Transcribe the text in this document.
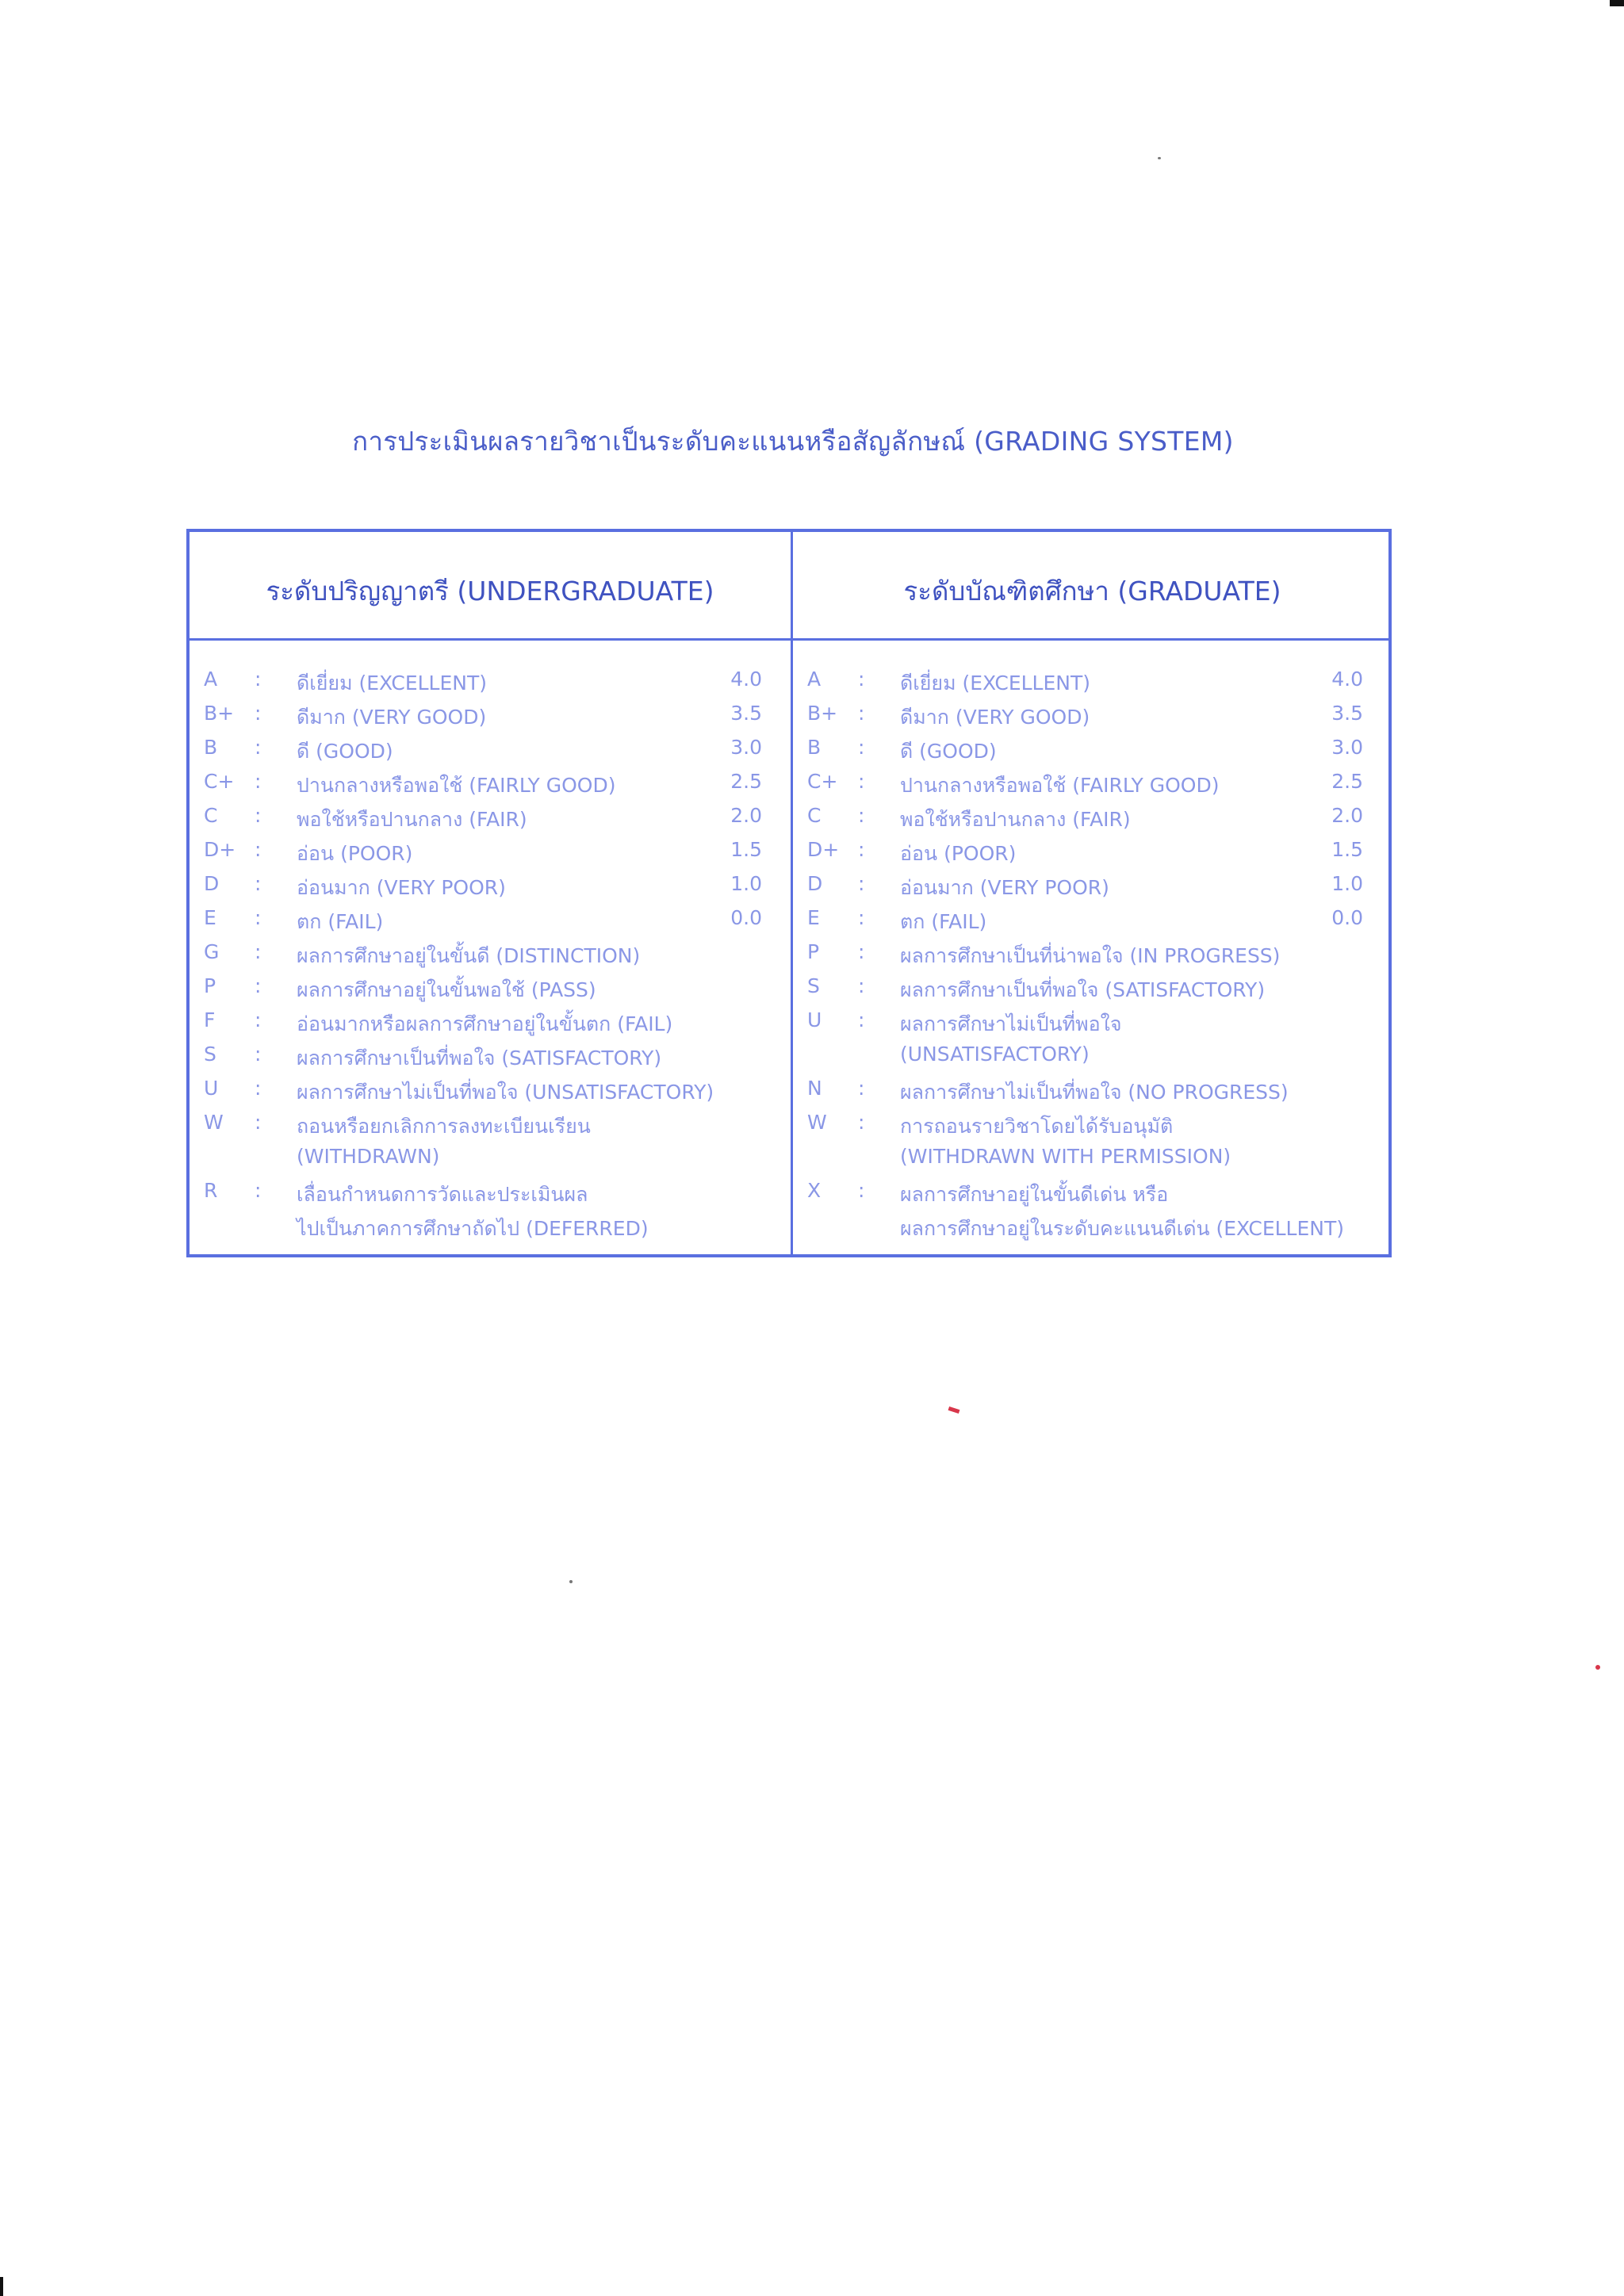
การประเมินผลรายวิชาเป็นระดับคะแนนหรือสัญลักษณ์ (GRADING SYSTEM)
ระดับปริญญาตรี (UNDERGRADUATE)
A : ดีเยี่ยม (EXCELLENT)	4.0
B+ : ดีมาก (VERY GOOD)	3.5
B : ดี (GOOD)	3.0
C+ : ปานกลางหรือพอใช้ (FAIRLY GOOD)	2.5
C : พอใช้หรือปานกลาง (FAIR)	2.0
D+ : อ่อน (POOR)	1.5
D : อ่อนมาก (VERY POOR)	1.0
E : ตก (FAIL)	0.0
G : ผลการศึกษาอยู่ในขั้นดี (DISTINCTION)
P : ผลการศึกษาอยู่ในขั้นพอใช้ (PASS)
F : อ่อนมากหรือผลการศึกษาอยู่ในขั้นตก (FAIL)
S : ผลการศึกษาเป็นที่พอใจ (SATISFACTORY)
U : ผลการศึกษาไม่เป็นที่พอใจ (UNSATISFACTORY)
W : ถอนหรือยกเลิกการลงทะเบียนเรียน
(WITHDRAWN)
R : เลื่อนกำหนดการวัดและประเมินผล
ไปเป็นภาคการศึกษาถัดไป (DEFERRED)
ระดับบัณฑิตศึกษา (GRADUATE)
A : ดีเยี่ยม (EXCELLENT)	4.0
B+ : ดีมาก (VERY GOOD)	3.5
B : ดี (GOOD)	3.0
C+ : ปานกลางหรือพอใช้ (FAIRLY GOOD)	2.5
C : พอใช้หรือปานกลาง (FAIR)	2.0
D+ : อ่อน (POOR)	1.5
D : อ่อนมาก (VERY POOR)	1.0
E : ตก (FAIL)	0.0
P : ผลการศึกษาเป็นที่น่าพอใจ (IN PROGRESS)
S : ผลการศึกษาเป็นที่พอใจ (SATISFACTORY)
U : ผลการศึกษาไม่เป็นที่พอใจ
(UNSATISFACTORY)
N : ผลการศึกษาไม่เป็นที่พอใจ (NO PROGRESS)
W : การถอนรายวิชาโดยได้รับอนุมัติ
(WITHDRAWN WITH PERMISSION)
X : ผลการศึกษาอยู่ในขั้นดีเด่น หรือ
ผลการศึกษาอยู่ในระดับคะแนนดีเด่น (EXCELLENT)
